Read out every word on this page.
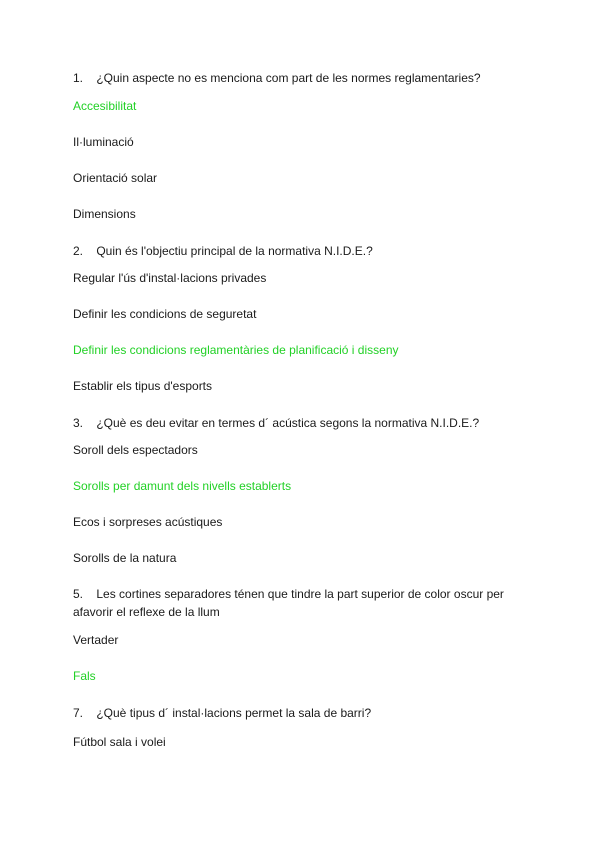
1. ¿Quin aspecte no es menciona com part de les normes reglamentaries?
Accesibilitat
Il·luminació
Orientació solar
Dimensions
2. Quin és l'objectiu principal de la normativa N.I.D.E.?
Regular l'ús d'instal·lacions privades
Definir les condicions de seguretat
Definir les condicions reglamentàries de planificació i disseny
Establir els tipus d'esports
3. ¿Què es deu evitar en termes d´ acústica segons la normativa N.I.D.E.?
Soroll dels espectadors
Sorolls per damunt dels nivells establerts
Ecos i sorpreses acústiques
Sorolls de la natura
5. Les cortines separadores ténen que tindre la part superior de color oscur per afavorir el reflexe de la llum
Vertader
Fals
7. ¿Què tipus d´ instal·lacions permet la sala de barri?
Fútbol sala i volei
